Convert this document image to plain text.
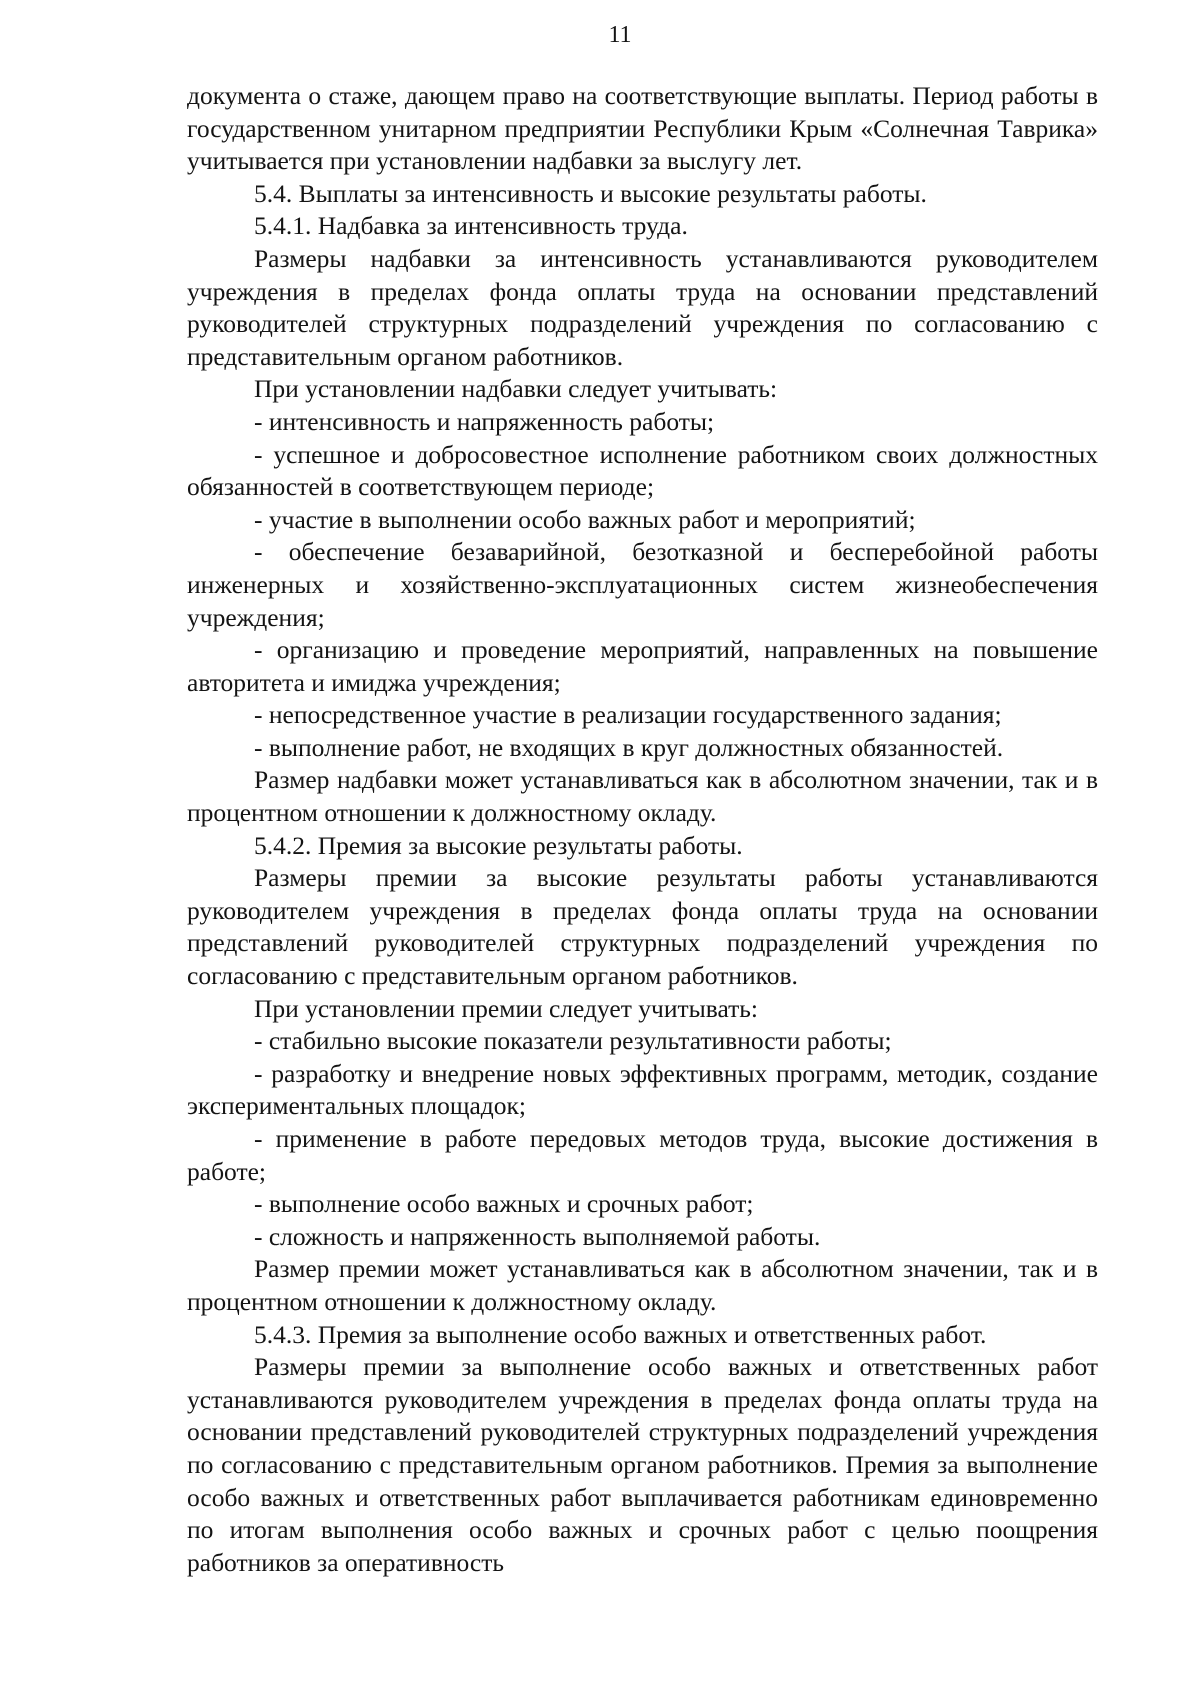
11

документа о стаже, дающем право на соответствующие выплаты. Период работы в государственном унитарном предприятии Республики Крым «Солнечная Таврика» учитывается при установлении надбавки за выслугу лет.

5.4. Выплаты за интенсивность и высокие результаты работы.

5.4.1. Надбавка за интенсивность труда.

Размеры надбавки за интенсивность устанавливаются руководителем учреждения в пределах фонда оплаты труда на основании представлений руководителей структурных подразделений учреждения по согласованию с представительным органом работников.

При установлении надбавки следует учитывать:

- интенсивность и напряженность работы;

- успешное и добросовестное исполнение работником своих должностных обязанностей в соответствующем периоде;

- участие в выполнении особо важных работ и мероприятий;

- обеспечение безаварийной, безотказной и бесперебойной работы инженерных и хозяйственно-эксплуатационных систем жизнеобеспечения учреждения;

- организацию и проведение мероприятий, направленных на повышение авторитета и имиджа учреждения;

- непосредственное участие в реализации государственного задания;

- выполнение работ, не входящих в круг должностных обязанностей.

Размер надбавки может устанавливаться как в абсолютном значении, так и в процентном отношении к должностному окладу.

5.4.2. Премия за высокие результаты работы.

Размеры премии за высокие результаты работы устанавливаются руководителем учреждения в пределах фонда оплаты труда на основании представлений руководителей структурных подразделений учреждения по согласованию с представительным органом работников.

При установлении премии следует учитывать:

- стабильно высокие показатели результативности работы;

- разработку и внедрение новых эффективных программ, методик, создание экспериментальных площадок;

- применение в работе передовых методов труда, высокие достижения в работе;

- выполнение особо важных и срочных работ;

- сложность и напряженность выполняемой работы.

Размер премии может устанавливаться как в абсолютном значении, так и в процентном отношении к должностному окладу.

5.4.3. Премия за выполнение особо важных и ответственных работ.

Размеры премии за выполнение особо важных и ответственных работ устанавливаются руководителем учреждения в пределах фонда оплаты труда на основании представлений руководителей структурных подразделений учреждения по согласованию с представительным органом работников. Премия за выполнение особо важных и ответственных работ выплачивается работникам единовременно по итогам выполнения особо важных и срочных работ с целью поощрения работников за оперативность
